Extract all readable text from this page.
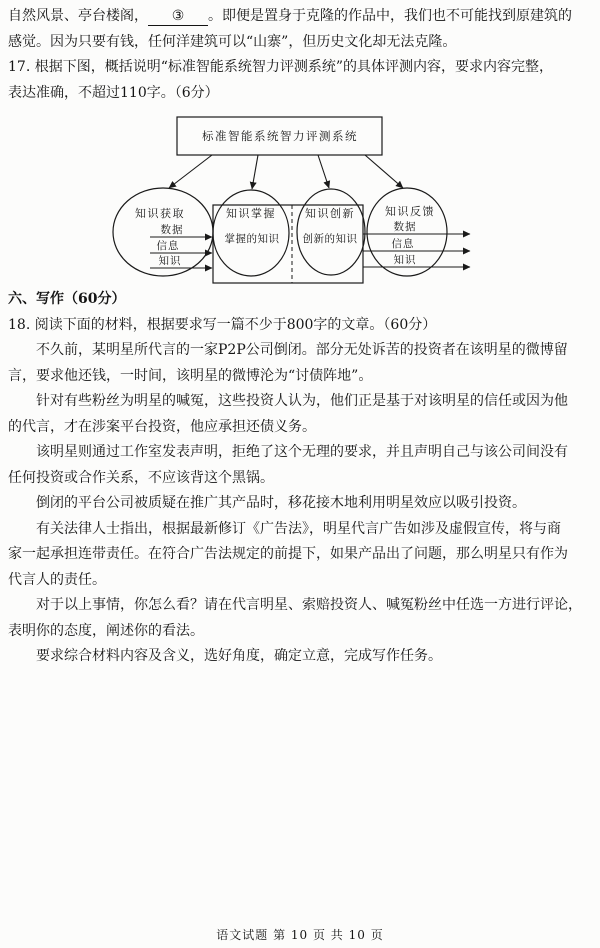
自然风景、亭台楼阁， ③ 。即便是置身于克隆的作品中，我们也不可能找到原建筑的
感觉。因为只要有钱，任何洋建筑可以“山寨”，但历史文化却无法克隆。
17. 根据下图，概括说明“标准智能系统智力评测系统”的具体评测内容，要求内容完整，
表达准确，不超过110字。（6分）
标准智能系统智力评测系统
知识获取
数据
信息
知识
知识掌握
掌握的知识
知识创新
创新的知识
知识反馈
数据
信息
知识
六、写作（60分）
18. 阅读下面的材料，根据要求写一篇不少于800字的文章。（60分）
不久前，某明星所代言的一家P2P公司倒闭。部分无处诉苦的投资者在该明星的微博留
言，要求他还钱，一时间，该明星的微博沦为“讨债阵地”。
针对有些粉丝为明星的喊冤，这些投资人认为，他们正是基于对该明星的信任或因为他
的代言，才在涉案平台投资，他应承担还债义务。
该明星则通过工作室发表声明，拒绝了这个无理的要求，并且声明自己与该公司间没有
任何投资或合作关系，不应该背这个黑锅。
倒闭的平台公司被质疑在推广其产品时，移花接木地利用明星效应以吸引投资。
有关法律人士指出，根据最新修订《广告法》，明星代言广告如涉及虚假宣传，将与商
家一起承担连带责任。在符合广告法规定的前提下，如果产品出了问题，那么明星只有作为
代言人的责任。
对于以上事情，你怎么看？请在代言明星、索赔投资人、喊冤粉丝中任选一方进行评论，
表明你的态度，阐述你的看法。
要求综合材料内容及含义，选好角度，确定立意，完成写作任务。
语文试题 第 10 页 共 10 页
